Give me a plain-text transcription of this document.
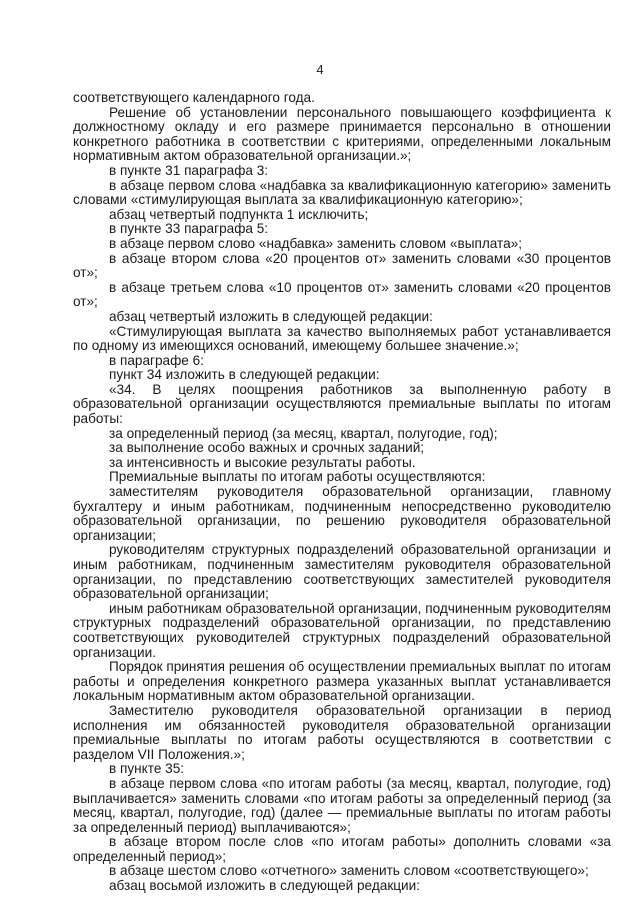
4

соответствующего календарного года.

Решение об установлении персонального повышающего коэффициента к должностному окладу и его размере принимается персонально в отношении конкретного работника в соответствии с критериями, определенными локальным нормативным актом образовательной организации.»;

в пункте 31 параграфа 3:

в абзаце первом слова «надбавка за квалификационную категорию» заменить словами «стимулирующая выплата за квалификационную категорию»;

абзац четвертый подпункта 1 исключить;

в пункте 33 параграфа 5:

в абзаце первом слово «надбавка» заменить словом «выплата»;

в абзаце втором слова «20 процентов от» заменить словами «30 процентов от»;

в абзаце третьем слова «10 процентов от» заменить словами «20 процентов от»;

абзац четвертый изложить в следующей редакции:

«Стимулирующая выплата за качество выполняемых работ устанавливается по одному из имеющихся оснований, имеющему большее значение.»;

в параграфе 6:

пункт 34 изложить в следующей редакции:

«34. В целях поощрения работников за выполненную работу в образовательной организации осуществляются премиальные выплаты по итогам работы:

за определенный период (за месяц, квартал, полугодие, год);

за выполнение особо важных и срочных заданий;

за интенсивность и высокие результаты работы.

Премиальные выплаты по итогам работы осуществляются:

заместителям руководителя образовательной организации, главному бухгалтеру и иным работникам, подчиненным непосредственно руководителю образовательной организации, по решению руководителя образовательной организации;

руководителям структурных подразделений образовательной организации и иным работникам, подчиненным заместителям руководителя образовательной организации, по представлению соответствующих заместителей руководителя образовательной организации;

иным работникам образовательной организации, подчиненным руководителям структурных подразделений образовательной организации, по представлению соответствующих руководителей структурных подразделений образовательной организации.

Порядок принятия решения об осуществлении премиальных выплат по итогам работы и определения конкретного размера указанных выплат устанавливается локальным нормативным актом образовательной организации.

Заместителю руководителя образовательной организации в период исполнения им обязанностей руководителя образовательной организации премиальные выплаты по итогам работы осуществляются в соответствии с разделом VII Положения.»;

в пункте 35:

в абзаце первом слова «по итогам работы (за месяц, квартал, полугодие, год) выплачивается» заменить словами «по итогам работы за определенный период (за месяц, квартал, полугодие, год) (далее — премиальные выплаты по итогам работы за определенный период) выплачиваются»;

в абзаце втором после слов «по итогам работы» дополнить словами «за определенный период»;

в абзаце шестом слово «отчетного» заменить словом «соответствующего»;

абзац восьмой изложить в следующей редакции:
